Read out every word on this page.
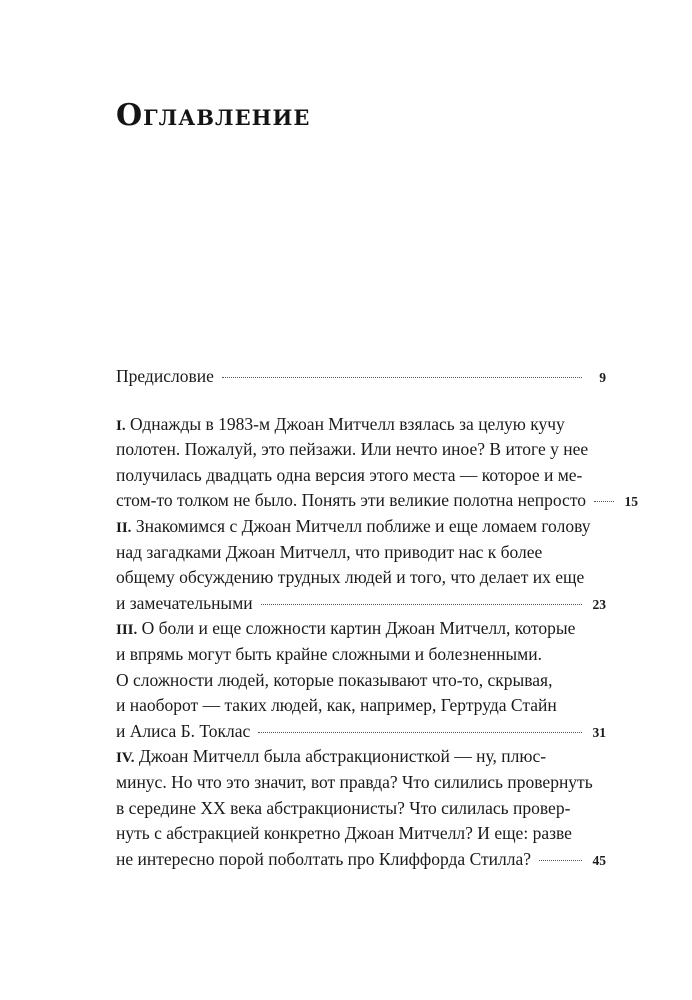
Оглавление
Предисловие	9
I. Однажды в 1983-м Джоан Митчелл взялась за целую кучу
полотен. Пожалуй, это пейзажи. Или нечто иное? В итоге у нее
получилась двадцать одна версия этого места — которое и ме-
стом-то толком не было. Понять эти великие полотна непросто	15
II. Знакомимся с Джоан Митчелл поближе и еще ломаем голову
над загадками Джоан Митчелл, что приводит нас к более
общему обсуждению трудных людей и того, что делает их еще
и замечательными	23
III. О боли и еще сложности картин Джоан Митчелл, которые
и впрямь могут быть крайне сложными и болезненными.
О сложности людей, которые показывают что-то, скрывая,
и наоборот — таких людей, как, например, Гертруда Стайн
и Алиса Б. Токлас	31
IV. Джоан Митчелл была абстракционисткой — ну, плюс-
минус. Но что это значит, вот правда? Что силились провернуть
в середине XX века абстракционисты? Что силилась провер-
нуть с абстракцией конкретно Джоан Митчелл? И еще: разве
не интересно порой поболтать про Клиффорда Стилла?	45
